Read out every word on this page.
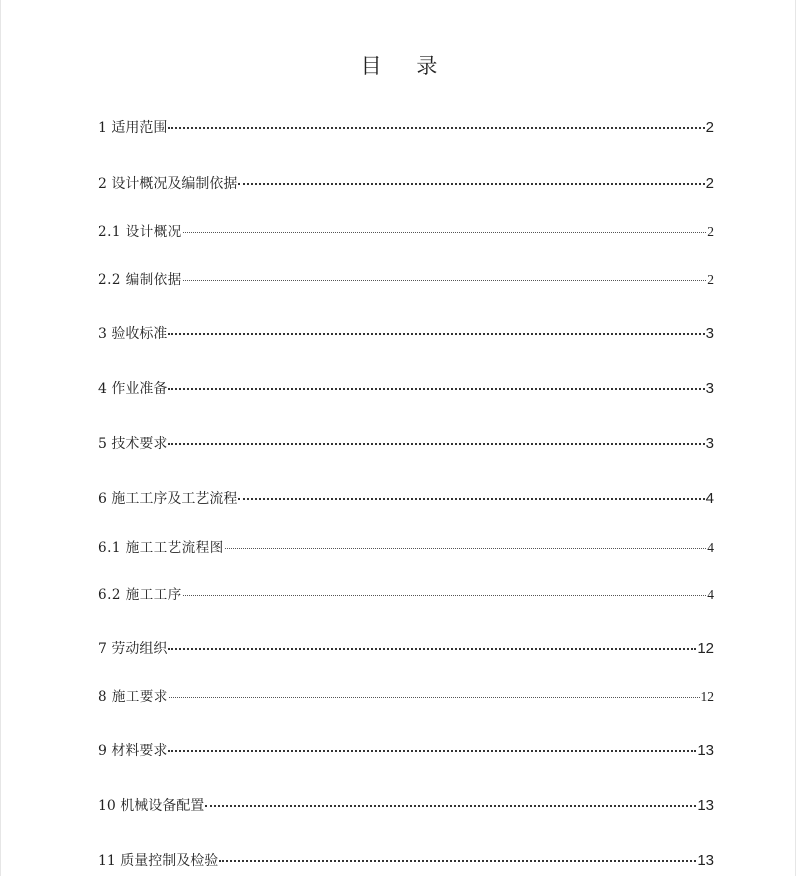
目 录
1 适用范围	2
2 设计概况及编制依据	2
2.1 设计概况	2
2.2 编制依据	2
3 验收标准	3
4 作业准备	3
5 技术要求	3
6 施工工序及工艺流程	4
6.1 施工工艺流程图	4
6.2 施工工序	4
7 劳动组织	12
8 施工要求	12
9 材料要求	13
10 机械设备配置	13
11 质量控制及检验	13
